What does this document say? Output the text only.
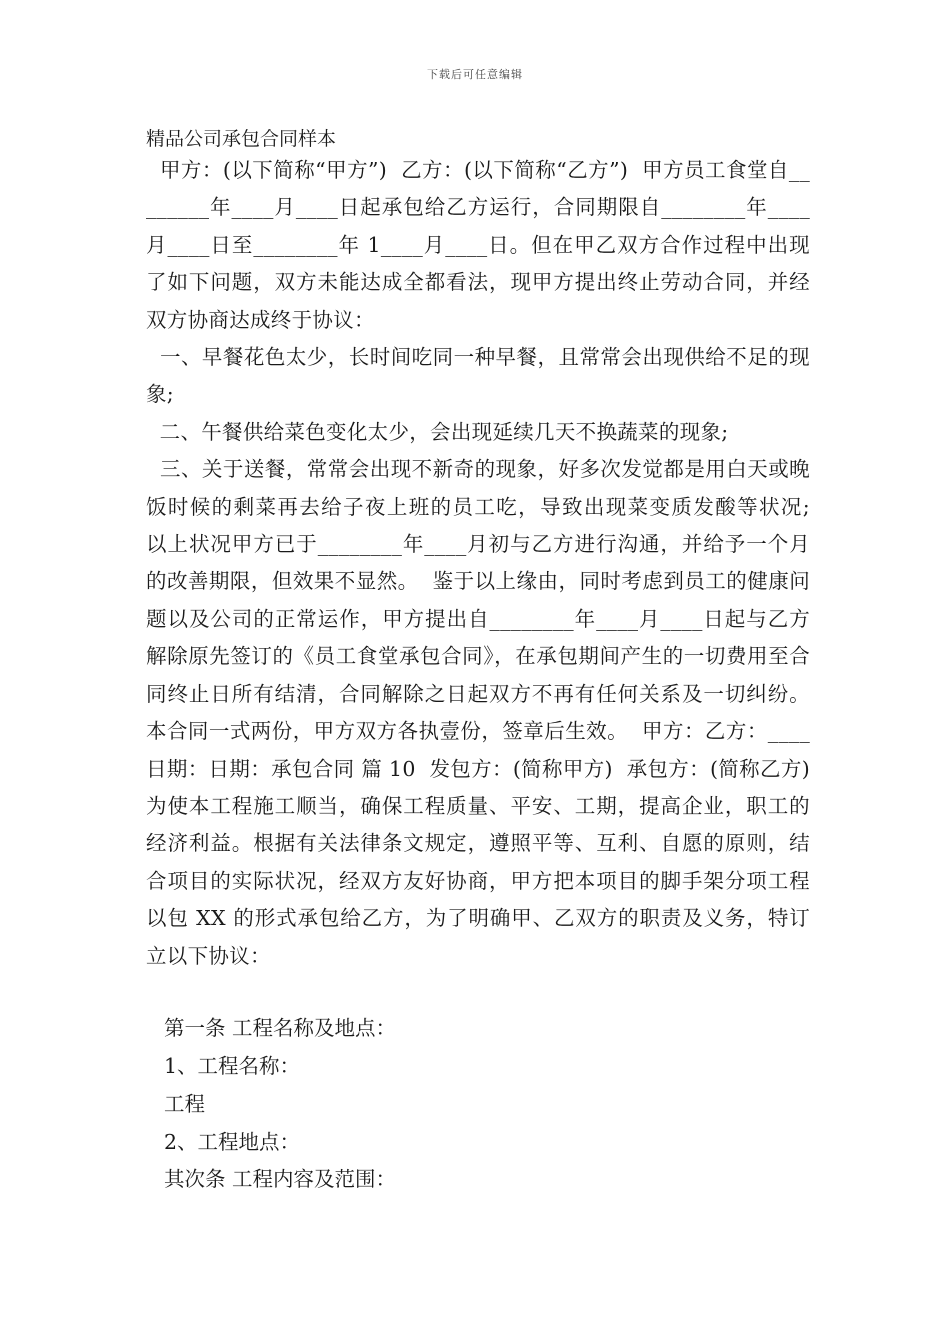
下载后可任意编辑
精品公司承包合同样本

甲方：(以下简称“甲方”)  乙方：(以下简称“乙方”)  甲方员工食堂自________年____月____日起承包给乙方运行，合同期限自________年____月____日至________年 1____月____日。但在甲乙双方合作过程中出现了如下问题，双方未能达成全都看法，现甲方提出终止劳动合同，并经双方协商达成终于协议：

一、早餐花色太少，长时间吃同一种早餐，且常常会出现供给不足的现象;

二、午餐供给菜色变化太少，会出现延续几天不换蔬菜的现象;

三、关于送餐，常常会出现不新奇的现象，好多次发觉都是用白天或晚饭时候的剩菜再去给子夜上班的员工吃，导致出现菜变质发酸等状况;  以上状况甲方已于________年____月初与乙方进行沟通，并给予一个月的改善期限，但效果不显然。  鉴于以上缘由，同时考虑到员工的健康问题以及公司的正常运作，甲方提出自________年____月____日起与乙方解除原先签订的《员工食堂承包合同》，在承包期间产生的一切费用至合同终止日所有结清，合同解除之日起双方不再有任何关系及一切纠纷。  本合同一式两份，甲方双方各执壹份，签章后生效。  甲方：乙方：____日期：日期：承包合同 篇 10  发包方：(简称甲方)  承包方：(简称乙方)为使本工程施工顺当，确保工程质量、平安、工期，提高企业，职工的经济利益。根据有关法律条文规定，遵照平等、互利、自愿的原则，结合项目的实际状况，经双方友好协商，甲方把本项目的脚手架分项工程以包 XX 的形式承包给乙方，为了明确甲、乙双方的职责及义务，特订立以下协议：

第一条 工程名称及地点：
1、工程名称：
工程
2、工程地点：
其次条 工程内容及范围：
